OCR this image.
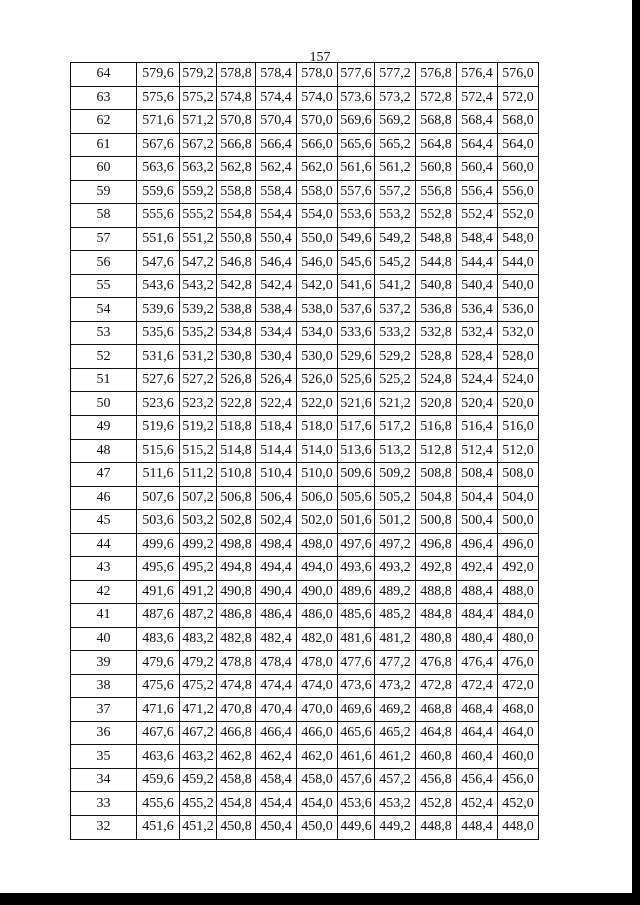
157
64	579,6	579,2	578,8	578,4	578,0	577,6	577,2	576,8	576,4	576,0
63	575,6	575,2	574,8	574,4	574,0	573,6	573,2	572,8	572,4	572,0
62	571,6	571,2	570,8	570,4	570,0	569,6	569,2	568,8	568,4	568,0
61	567,6	567,2	566,8	566,4	566,0	565,6	565,2	564,8	564,4	564,0
60	563,6	563,2	562,8	562,4	562,0	561,6	561,2	560,8	560,4	560,0
59	559,6	559,2	558,8	558,4	558,0	557,6	557,2	556,8	556,4	556,0
58	555,6	555,2	554,8	554,4	554,0	553,6	553,2	552,8	552,4	552,0
57	551,6	551,2	550,8	550,4	550,0	549,6	549,2	548,8	548,4	548,0
56	547,6	547,2	546,8	546,4	546,0	545,6	545,2	544,8	544,4	544,0
55	543,6	543,2	542,8	542,4	542,0	541,6	541,2	540,8	540,4	540,0
54	539,6	539,2	538,8	538,4	538,0	537,6	537,2	536,8	536,4	536,0
53	535,6	535,2	534,8	534,4	534,0	533,6	533,2	532,8	532,4	532,0
52	531,6	531,2	530,8	530,4	530,0	529,6	529,2	528,8	528,4	528,0
51	527,6	527,2	526,8	526,4	526,0	525,6	525,2	524,8	524,4	524,0
50	523,6	523,2	522,8	522,4	522,0	521,6	521,2	520,8	520,4	520,0
49	519,6	519,2	518,8	518,4	518,0	517,6	517,2	516,8	516,4	516,0
48	515,6	515,2	514,8	514,4	514,0	513,6	513,2	512,8	512,4	512,0
47	511,6	511,2	510,8	510,4	510,0	509,6	509,2	508,8	508,4	508,0
46	507,6	507,2	506,8	506,4	506,0	505,6	505,2	504,8	504,4	504,0
45	503,6	503,2	502,8	502,4	502,0	501,6	501,2	500,8	500,4	500,0
44	499,6	499,2	498,8	498,4	498,0	497,6	497,2	496,8	496,4	496,0
43	495,6	495,2	494,8	494,4	494,0	493,6	493,2	492,8	492,4	492,0
42	491,6	491,2	490,8	490,4	490,0	489,6	489,2	488,8	488,4	488,0
41	487,6	487,2	486,8	486,4	486,0	485,6	485,2	484,8	484,4	484,0
40	483,6	483,2	482,8	482,4	482,0	481,6	481,2	480,8	480,4	480,0
39	479,6	479,2	478,8	478,4	478,0	477,6	477,2	476,8	476,4	476,0
38	475,6	475,2	474,8	474,4	474,0	473,6	473,2	472,8	472,4	472,0
37	471,6	471,2	470,8	470,4	470,0	469,6	469,2	468,8	468,4	468,0
36	467,6	467,2	466,8	466,4	466,0	465,6	465,2	464,8	464,4	464,0
35	463,6	463,2	462,8	462,4	462,0	461,6	461,2	460,8	460,4	460,0
34	459,6	459,2	458,8	458,4	458,0	457,6	457,2	456,8	456,4	456,0
33	455,6	455,2	454,8	454,4	454,0	453,6	453,2	452,8	452,4	452,0
32	451,6	451,2	450,8	450,4	450,0	449,6	449,2	448,8	448,4	448,0
